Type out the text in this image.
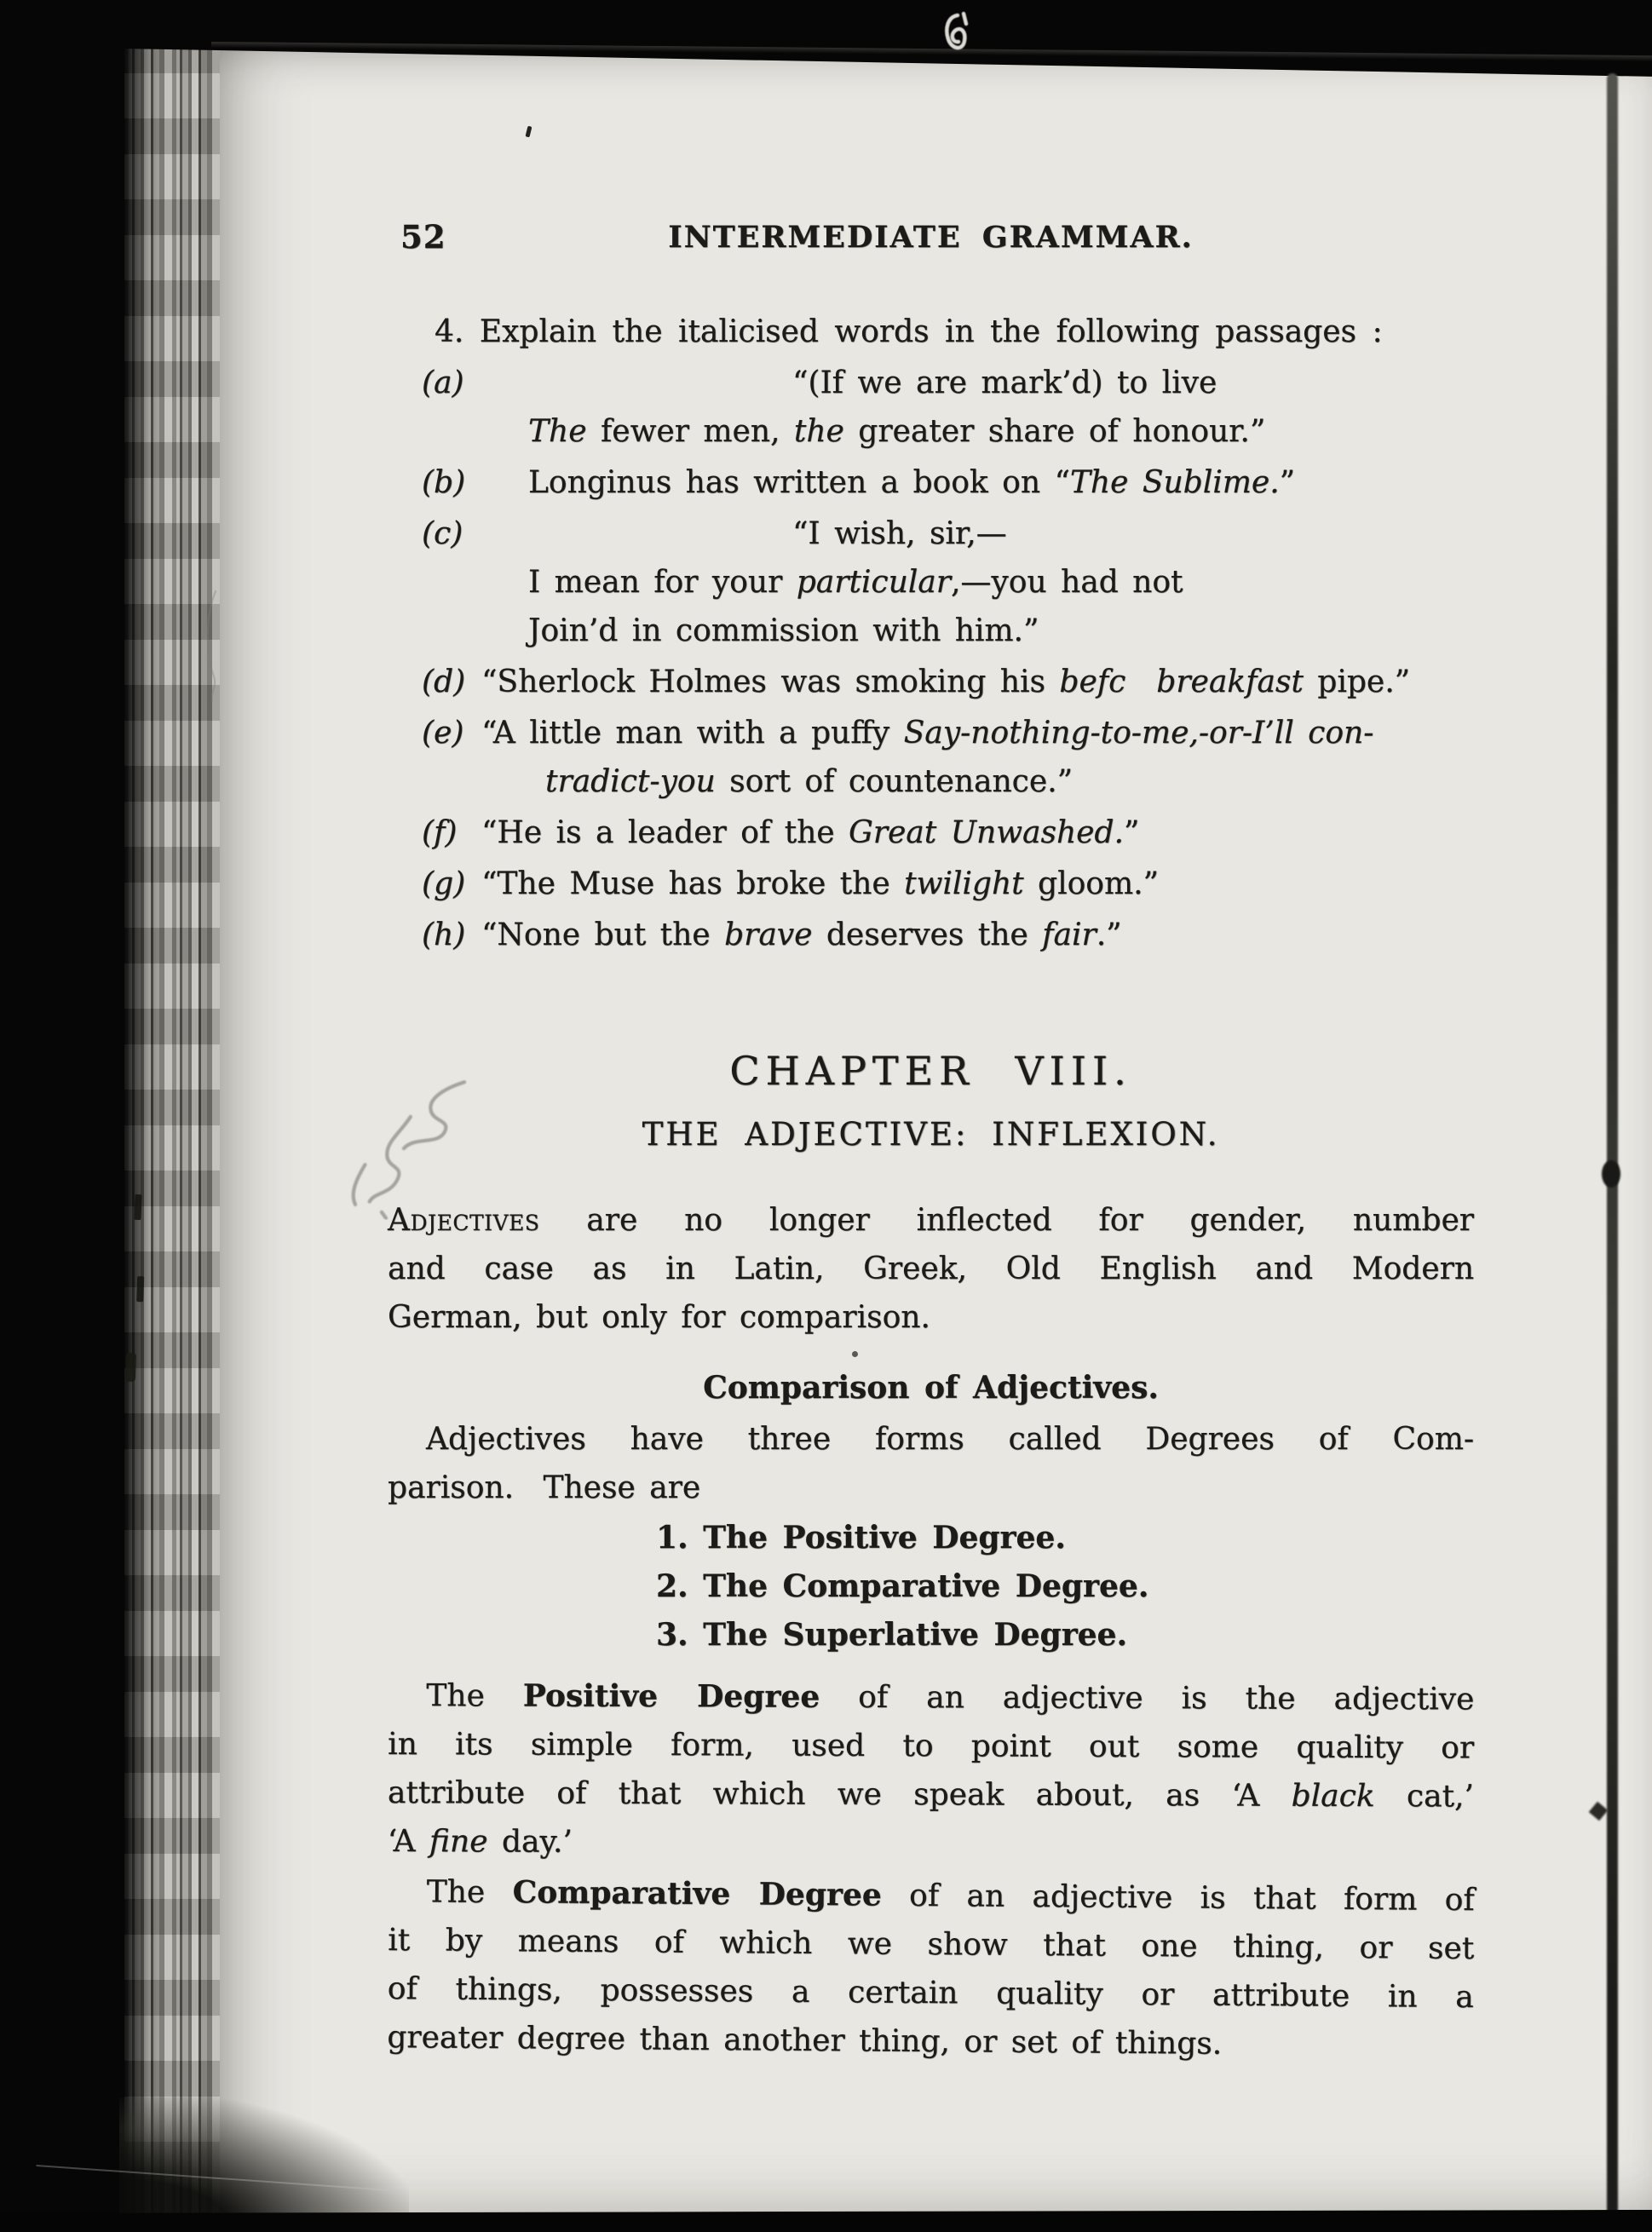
52	INTERMEDIATE GRAMMAR.
4. Explain the italicised words in the following passages :
(a)	“(If we are mark’d) to live
The fewer men, the greater share of honour.”
(b)	Longinus has written a book on “The Sublime.”
(c)	“I wish, sir,—
I mean for your particular,—you had not
Join’d in commission with him.”
(d) “Sherlock Holmes was smoking his befc   breakfast pipe.”
(e) “A little man with a puffy Say-nothing-to-me,-or-I’ll con-
tradict-you sort of countenance.”
(f) “He is a leader of the Great Unwashed.”
(g) “The Muse has broke the twilight gloom.”
(h) “None but the brave deserves the fair.”
CHAPTER VIII.
THE ADJECTIVE: INFLEXION.
Adjectives are no longer inflected for gender, number
and case as in Latin, Greek, Old English and Modern
German, but only for comparison.
Comparison of Adjectives.
Adjectives have three forms called Degrees of Com-
parison.  These are
1. The Positive Degree.
2. The Comparative Degree.
3. The Superlative Degree.
The Positive Degree of an adjective is the adjective
in its simple form, used to point out some quality or
attribute of that which we speak about, as ‘A black cat,’
‘A fine day.’
The Comparative Degree of an adjective is that form of
it by means of which we show that one thing, or set
of things, possesses a certain quality or attribute in a
greater degree than another thing, or set of things.
